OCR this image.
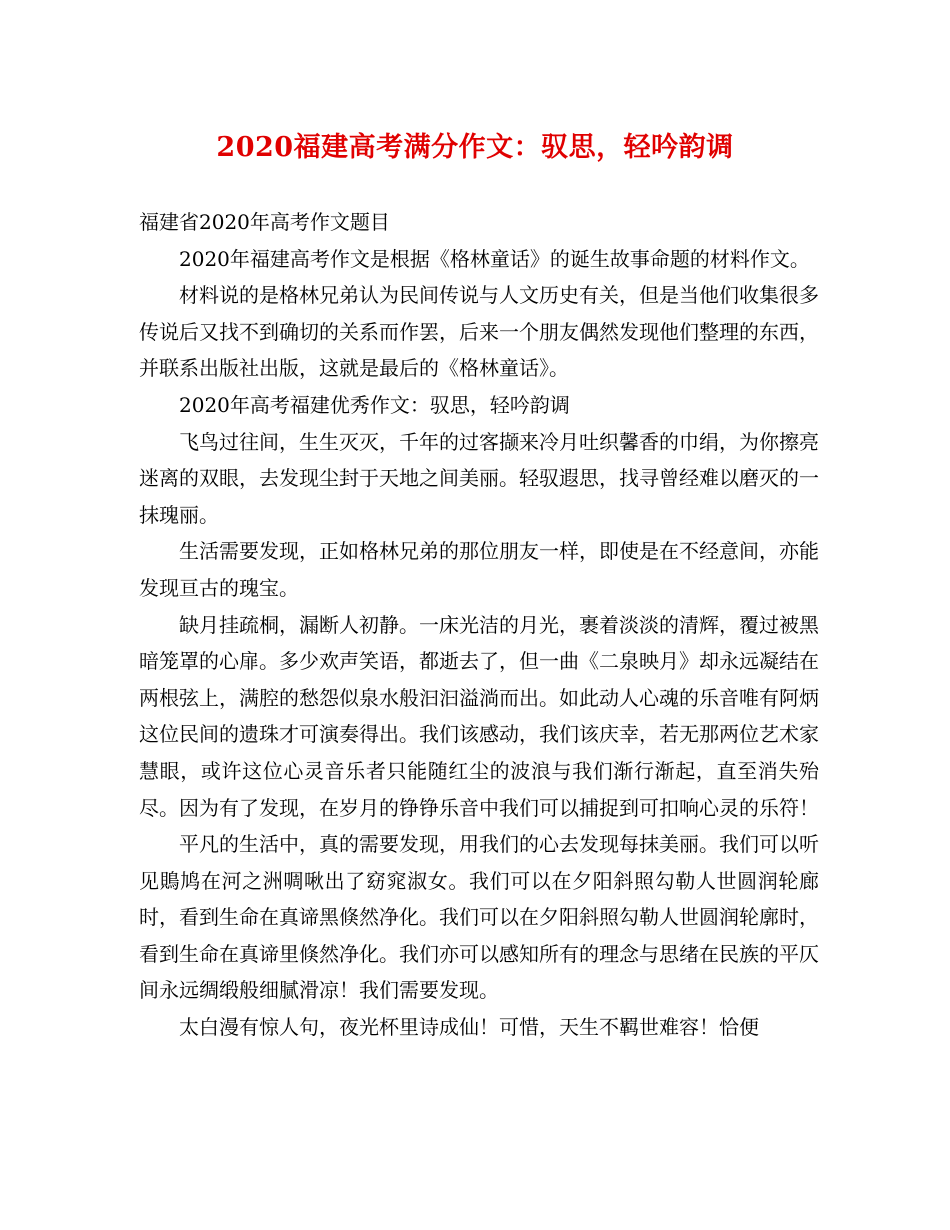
2020福建高考满分作文：驭思，轻吟韵调

福建省2020年高考作文题目

2020年福建高考作文是根据《格林童话》的诞生故事命题的材料作文。

材料说的是格林兄弟认为民间传说与人文历史有关，但是当他们收集很多传说后又找不到确切的关系而作罢，后来一个朋友偶然发现他们整理的东西，并联系出版社出版，这就是最后的《格林童话》。

2020年高考福建优秀作文：驭思，轻吟韵调

飞鸟过往间，生生灭灭，千年的过客撷来冷月吐织馨香的巾绢，为你擦亮迷离的双眼，去发现尘封于天地之间美丽。轻驭遐思，找寻曾经难以磨灭的一抹瑰丽。

生活需要发现，正如格林兄弟的那位朋友一样，即使是在不经意间，亦能发现亘古的瑰宝。

缺月挂疏桐，漏断人初静。一床光洁的月光，裹着淡淡的清辉，覆过被黑暗笼罩的心扉。多少欢声笑语，都逝去了，但一曲《二泉映月》却永远凝结在两根弦上，满腔的愁怨似泉水般汩汩溢淌而出。如此动人心魂的乐音唯有阿炳这位民间的遗珠才可演奏得出。我们该感动，我们该庆幸，若无那两位艺术家慧眼，或许这位心灵音乐者只能随红尘的波浪与我们渐行渐起，直至消失殆尽。因为有了发现，在岁月的铮铮乐音中我们可以捕捉到可扣响心灵的乐符！

平凡的生活中，真的需要发现，用我们的心去发现每抹美丽。我们可以听见鵙鸠在河之洲啁啾出了窈窕淑女。我们可以在夕阳斜照勾勒人世圆润轮廊时，看到生命在真谛黑倏然净化。我们可以在夕阳斜照勾勒人世圆润轮廓时，看到生命在真谛里倏然净化。我们亦可以感知所有的理念与思绪在民族的平仄间永远绸缎般细腻滑凉！我们需要发现。

太白漫有惊人句，夜光杯里诗成仙！可惜，天生不羁世难容！恰便
